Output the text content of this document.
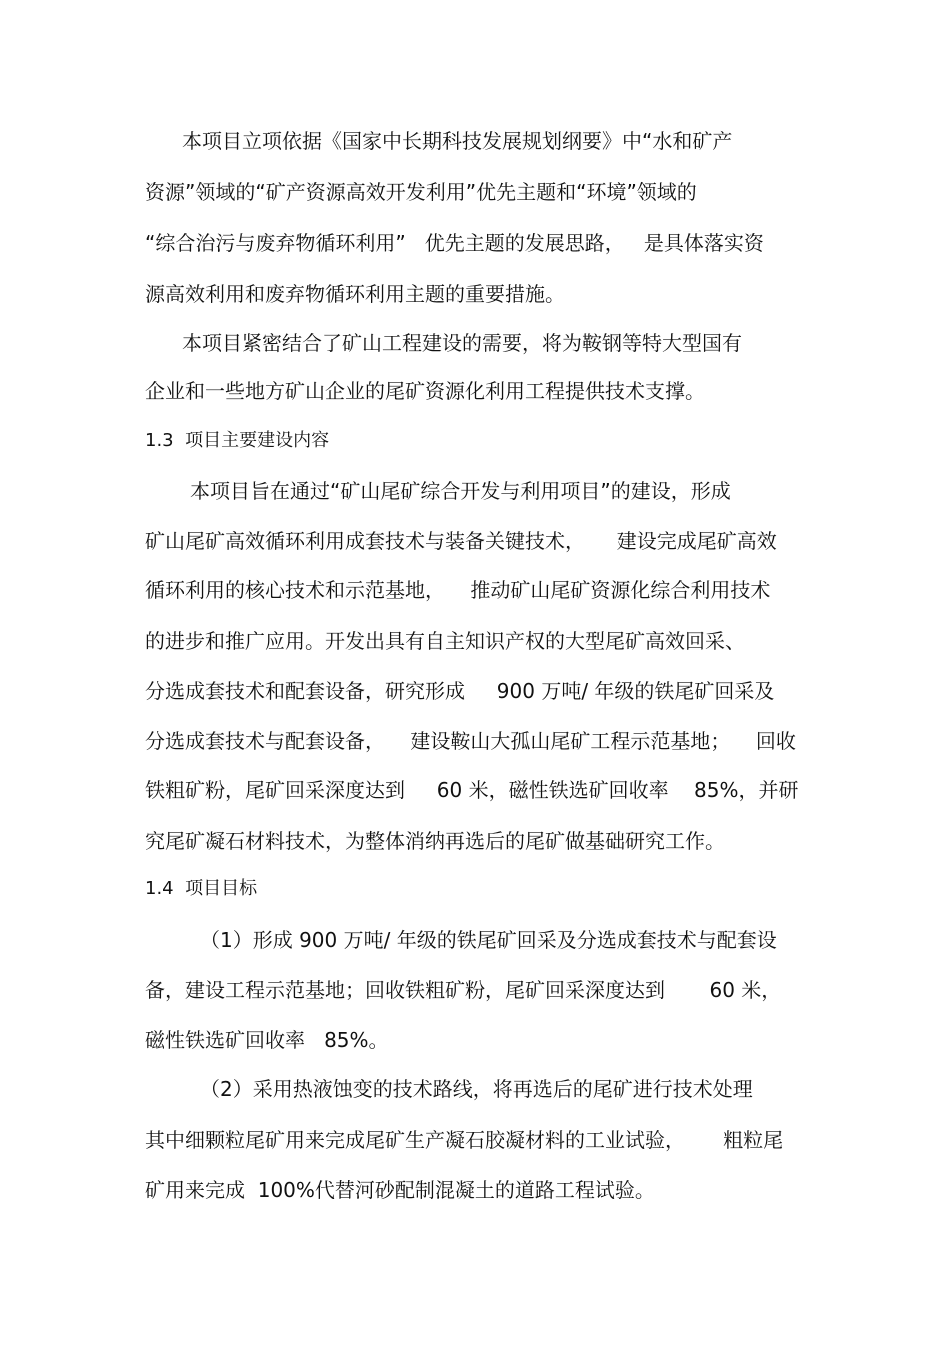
本项目立项依据《国家中长期科技发展规划纲要》中“水和矿产
资源”领域的“矿产资源高效开发利用”优先主题和“环境”领域的
“综合治污与废弃物循环利用”   优先主题的发展思路，   是具体落实资
源高效利用和废弃物循环利用主题的重要措施。
本项目紧密结合了矿山工程建设的需要，将为鞍钢等特大型国有
企业和一些地方矿山企业的尾矿资源化利用工程提供技术支撑。
1.3  项目主要建设内容
本项目旨在通过“矿山尾矿综合开发与利用项目”的建设，形成
矿山尾矿高效循环利用成套技术与装备关键技术，     建设完成尾矿高效
循环利用的核心技术和示范基地，    推动矿山尾矿资源化综合利用技术
的进步和推广应用。开发出具有自主知识产权的大型尾矿高效回采、
分选成套技术和配套设备，研究形成     900 万吨/ 年级的铁尾矿回采及
分选成套技术与配套设备，    建设鞍山大孤山尾矿工程示范基地；    回收
铁粗矿粉，尾矿回采深度达到     60 米，磁性铁选矿回收率    85%，并研
究尾矿凝石材料技术，为整体消纳再选后的尾矿做基础研究工作。
1.4  项目目标
（1）形成 900 万吨/ 年级的铁尾矿回采及分选成套技术与配套设
备，建设工程示范基地；回收铁粗矿粉，尾矿回采深度达到       60 米，
磁性铁选矿回收率   85%。
（2）采用热液蚀变的技术路线，将再选后的尾矿进行技术处理
其中细颗粒尾矿用来完成尾矿生产凝石胶凝材料的工业试验，      粗粒尾
矿用来完成  100%代替河砂配制混凝土的道路工程试验。
